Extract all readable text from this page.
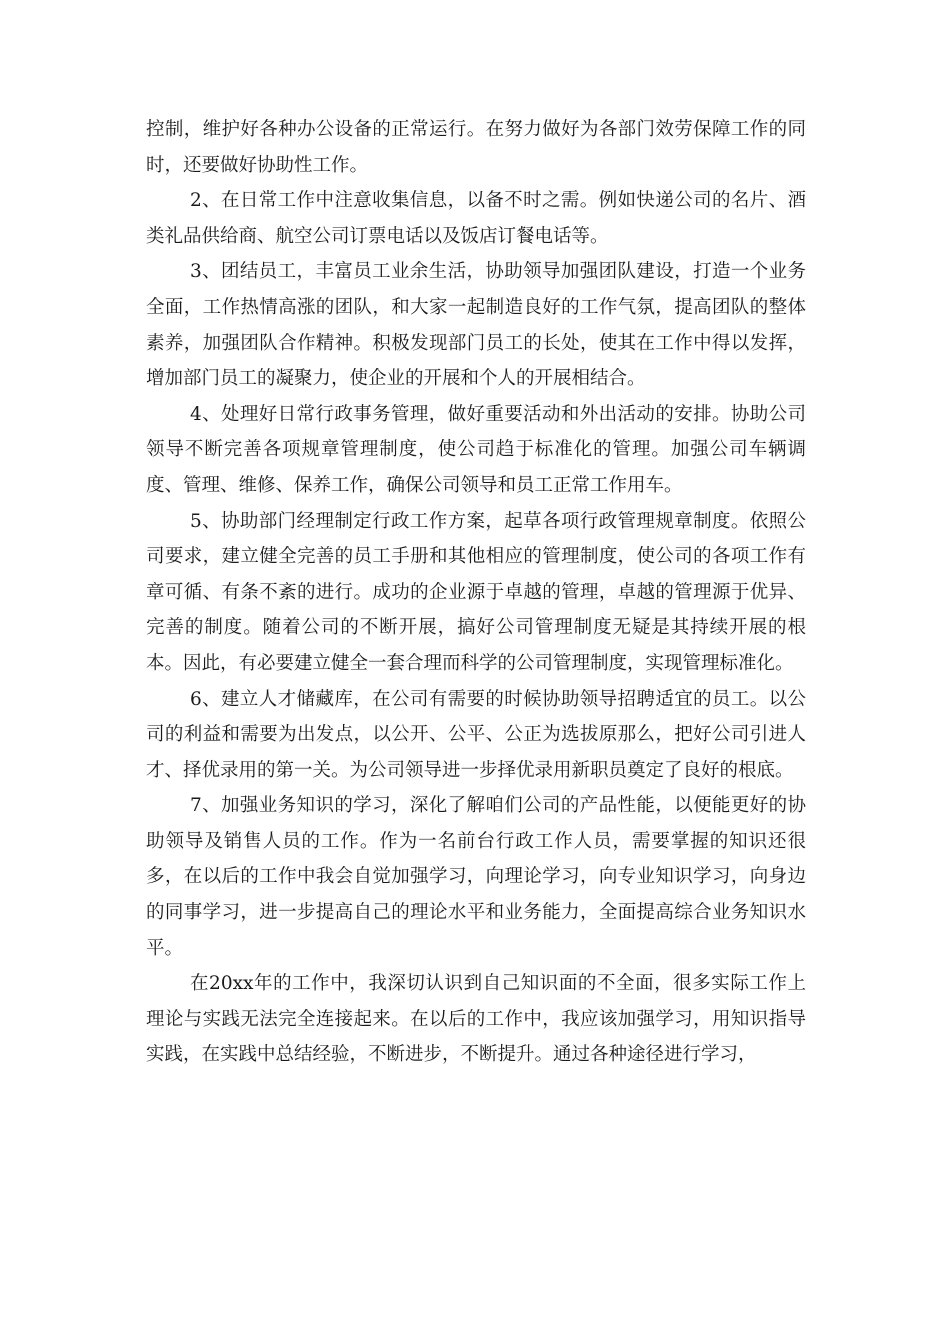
控制，维护好各种办公设备的正常运行。在努力做好为各部门效劳保障工作的同时，还要做好协助性工作。

2、在日常工作中注意收集信息，以备不时之需。例如快递公司的名片、酒类礼品供给商、航空公司订票电话以及饭店订餐电话等。

3、团结员工，丰富员工业余生活，协助领导加强团队建设，打造一个业务全面，工作热情高涨的团队，和大家一起制造良好的工作气氛，提高团队的整体素养，加强团队合作精神。积极发现部门员工的长处，使其在工作中得以发挥，增加部门员工的凝聚力，使企业的开展和个人的开展相结合。

4、处理好日常行政事务管理，做好重要活动和外出活动的安排。协助公司领导不断完善各项规章管理制度，使公司趋于标准化的管理。加强公司车辆调度、管理、维修、保养工作，确保公司领导和员工正常工作用车。

5、协助部门经理制定行政工作方案，起草各项行政管理规章制度。依照公司要求，建立健全完善的员工手册和其他相应的管理制度，使公司的各项工作有章可循、有条不紊的进行。成功的企业源于卓越的管理，卓越的管理源于优异、完善的制度。随着公司的不断开展，搞好公司管理制度无疑是其持续开展的根本。因此，有必要建立健全一套合理而科学的公司管理制度，实现管理标准化。

6、建立人才储藏库，在公司有需要的时候协助领导招聘适宜的员工。以公司的利益和需要为出发点，以公开、公平、公正为选拔原那么，把好公司引进人才、择优录用的第一关。为公司领导进一步择优录用新职员奠定了良好的根底。

7、加强业务知识的学习，深化了解咱们公司的产品性能，以便能更好的协助领导及销售人员的工作。作为一名前台行政工作人员，需要掌握的知识还很多，在以后的工作中我会自觉加强学习，向理论学习，向专业知识学习，向身边的同事学习，进一步提高自己的理论水平和业务能力，全面提高综合业务知识水平。

在20xx年的工作中，我深切认识到自己知识面的不全面，很多实际工作上理论与实践无法完全连接起来。在以后的工作中，我应该加强学习，用知识指导实践，在实践中总结经验，不断进步，不断提升。通过各种途径进行学习，
